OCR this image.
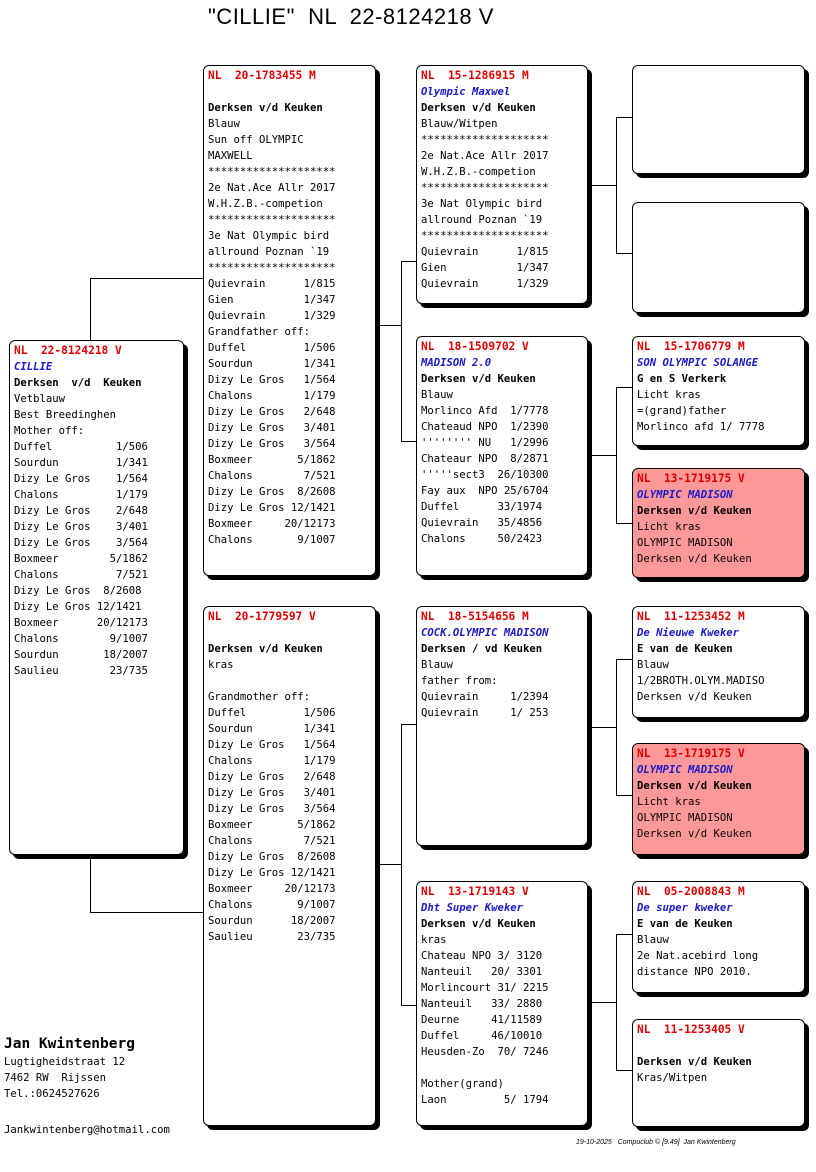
"CILLIE"  NL  22-8124218 V
NL  22-8124218 V
CILLIE
Derksen  v/d  Keuken
Vetblauw
Best Breedinghen
Mother off:
Duffel          1/506
Sourdun         1/341
Dizy Le Gros    1/564
Chalons         1/179
Dizy Le Gros    2/648
Dizy Le Gros    3/401
Dizy Le Gros    3/564
Boxmeer        5/1862
Chalons         7/521
Dizy Le Gros  8/2608
Dizy Le Gros 12/1421
Boxmeer      20/12173
Chalons        9/1007
Sourdun       18/2007
Saulieu        23/735
NL  20-1783455 M
Derksen v/d Keuken
Blauw
Sun off OLYMPIC
MAXWELL
********************
2e Nat.Ace Allr 2017
W.H.Z.B.-competion
********************
3e Nat Olympic bird
allround Poznan `19
********************
Quievrain      1/815
Gien           1/347
Quievrain      1/329
Grandfather off:
Duffel         1/506
Sourdun        1/341
Dizy Le Gros   1/564
Chalons        1/179
Dizy Le Gros   2/648
Dizy Le Gros   3/401
Dizy Le Gros   3/564
Boxmeer       5/1862
Chalons        7/521
Dizy Le Gros  8/2608
Dizy Le Gros 12/1421
Boxmeer     20/12173
Chalons       9/1007
NL  20-1779597 V
Derksen v/d Keuken
kras
Grandmother off:
Duffel         1/506
Sourdun        1/341
Dizy Le Gros   1/564
Chalons        1/179
Dizy Le Gros   2/648
Dizy Le Gros   3/401
Dizy Le Gros   3/564
Boxmeer       5/1862
Chalons        7/521
Dizy Le Gros  8/2608
Dizy Le Gros 12/1421
Boxmeer     20/12173
Chalons       9/1007
Sourdun      18/2007
Saulieu       23/735
NL  15-1286915 M
Olympic Maxwel
Derksen v/d Keuken
Blauw/Witpen
********************
2e Nat.Ace Allr 2017
W.H.Z.B.-competion
********************
3e Nat Olympic bird
allround Poznan `19
********************
Quievrain      1/815
Gien           1/347
Quievrain      1/329
NL  18-1509702 V
MADISON 2.0
Derksen v/d Keuken
Blauw
Morlinco Afd  1/7778
Chateaud NPO  1/2390
'''''''' NU   1/2996
Chateaur NPO  8/2871
'''''sect3  26/10300
Fay aux  NPO 25/6704
Duffel      33/1974
Quievrain   35/4856
Chalons     50/2423
NL  18-5154656 M
COCK.OLYMPIC MADISON
Derksen / vd Keuken
Blauw
father from:
Quievrain     1/2394
Quievrain     1/ 253
NL  13-1719143 V
Dht Super Kweker
Derksen v/d Keuken
kras
Chateau NPO 3/ 3120
Nanteuil   20/ 3301
Morlincourt 31/ 2215
Nanteuil   33/ 2880
Deurne     41/11589
Duffel     46/10010
Heusden-Zo  70/ 7246
Mother(grand)
Laon         5/ 1794
NL  15-1706779 M
SON OLYMPIC SOLANGE
G en S Verkerk
Licht kras
=(grand)father
Morlinco afd 1/ 7778
NL  13-1719175 V
OLYMPIC MADISON
Derksen v/d Keuken
Licht kras
OLYMPIC MADISON
Derksen v/d Keuken
NL  11-1253452 M
De Nieuwe Kweker
E van de Keuken
Blauw
1/2BROTH.OLYM.MADISO
Derksen v/d Keuken
NL  13-1719175 V
OLYMPIC MADISON
Derksen v/d Keuken
Licht kras
OLYMPIC MADISON
Derksen v/d Keuken
NL  05-2008843 M
De super kweker
E van de Keuken
Blauw
2e Nat.acebird long
distance NPO 2010.
NL  11-1253405 V
Derksen v/d Keuken
Kras/Witpen
Jan Kwintenberg
Lugtigheidstraat 12
7462 RW  Rijssen
Tel.:0624527626
Jankwintenberg@hotmail.com
19-10-2025   Compuclub © [9.49]  Jan Kwintenberg
